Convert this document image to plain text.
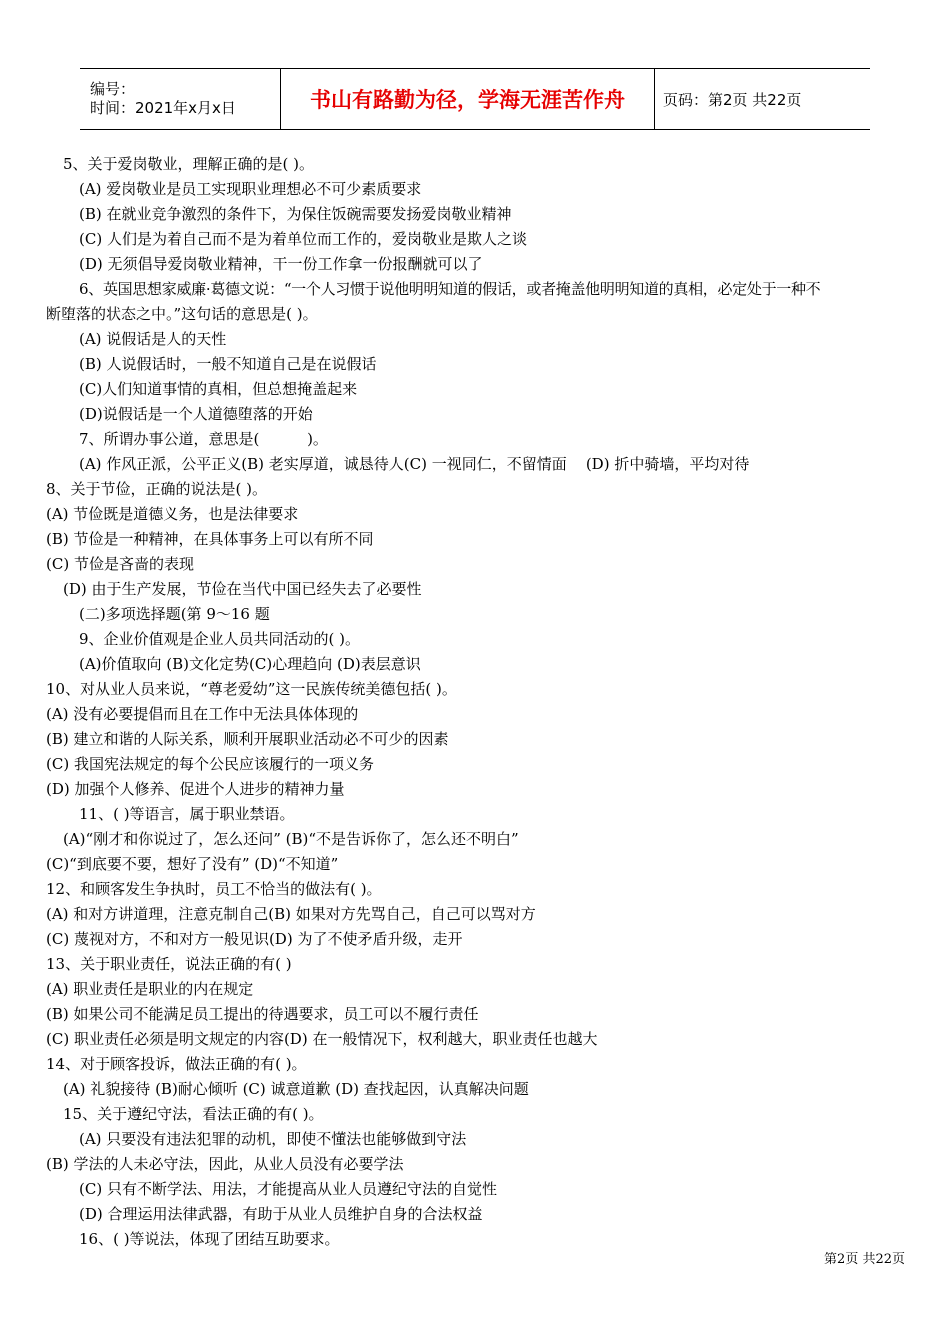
编号：
时间：2021年x月x日	书山有路勤为径，学海无涯苦作舟	页码：第2页 共22页
5、关于爱岗敬业，理解正确的是( )。
(A) 爱岗敬业是员工实现职业理想必不可少素质要求
(B) 在就业竞争激烈的条件下，为保住饭碗需要发扬爱岗敬业精神
(C) 人们是为着自己而不是为着单位而工作的，爱岗敬业是欺人之谈
(D) 无须倡导爱岗敬业精神，干一份工作拿一份报酬就可以了
6、英国思想家威廉·葛德文说：“一个人习惯于说他明明知道的假话，或者掩盖他明明知道的真相，必定处于一种不
断堕落的状态之中。”这句话的意思是( )。
(A) 说假话是人的天性
(B) 人说假话时，一般不知道自己是在说假话
(C)人们知道事情的真相，但总想掩盖起来
(D)说假话是一个人道德堕落的开始
7、所谓办事公道，意思是(          )。
(A) 作风正派，公平正义(B) 老实厚道，诚恳待人(C) 一视同仁，不留情面    (D) 折中骑墙，平均对待
8、关于节俭，正确的说法是( )。
(A) 节俭既是道德义务，也是法律要求
(B) 节俭是一种精神，在具体事务上可以有所不同
(C) 节俭是吝啬的表现
(D) 由于生产发展，节俭在当代中国已经失去了必要性
(二)多项选择题(第 9～16 题
9、企业价值观是企业人员共同活动的( )。
(A)价值取向 (B)文化定势(C)心理趋向 (D)表层意识
10、对从业人员来说，“尊老爱幼”这一民族传统美德包括( )。
(A) 没有必要提倡而且在工作中无法具体体现的
(B) 建立和谐的人际关系，顺利开展职业活动必不可少的因素
(C) 我国宪法规定的每个公民应该履行的一项义务
(D) 加强个人修养、促进个人进步的精神力量
11、( )等语言，属于职业禁语。
(A)“刚才和你说过了，怎么还问” (B)“不是告诉你了，怎么还不明白”
(C)“到底要不要，想好了没有” (D)“不知道”
12、和顾客发生争执时，员工不恰当的做法有( )。
(A) 和对方讲道理，注意克制自己(B) 如果对方先骂自己，自己可以骂对方
(C) 蔑视对方，不和对方一般见识(D) 为了不使矛盾升级，走开
13、关于职业责任，说法正确的有( )
(A) 职业责任是职业的内在规定
(B) 如果公司不能满足员工提出的待遇要求，员工可以不履行责任
(C) 职业责任必须是明文规定的内容(D) 在一般情况下，权利越大，职业责任也越大
14、对于顾客投诉，做法正确的有( )。
(A) 礼貌接待 (B)耐心倾听 (C) 诚意道歉 (D) 查找起因，认真解决问题
15、关于遵纪守法，看法正确的有( )。
(A) 只要没有违法犯罪的动机，即使不懂法也能够做到守法
(B) 学法的人未必守法，因此，从业人员没有必要学法
(C) 只有不断学法、用法，才能提高从业人员遵纪守法的自觉性
(D) 合理运用法律武器，有助于从业人员维护自身的合法权益
16、( )等说法，体现了团结互助要求。
第2页 共22页
